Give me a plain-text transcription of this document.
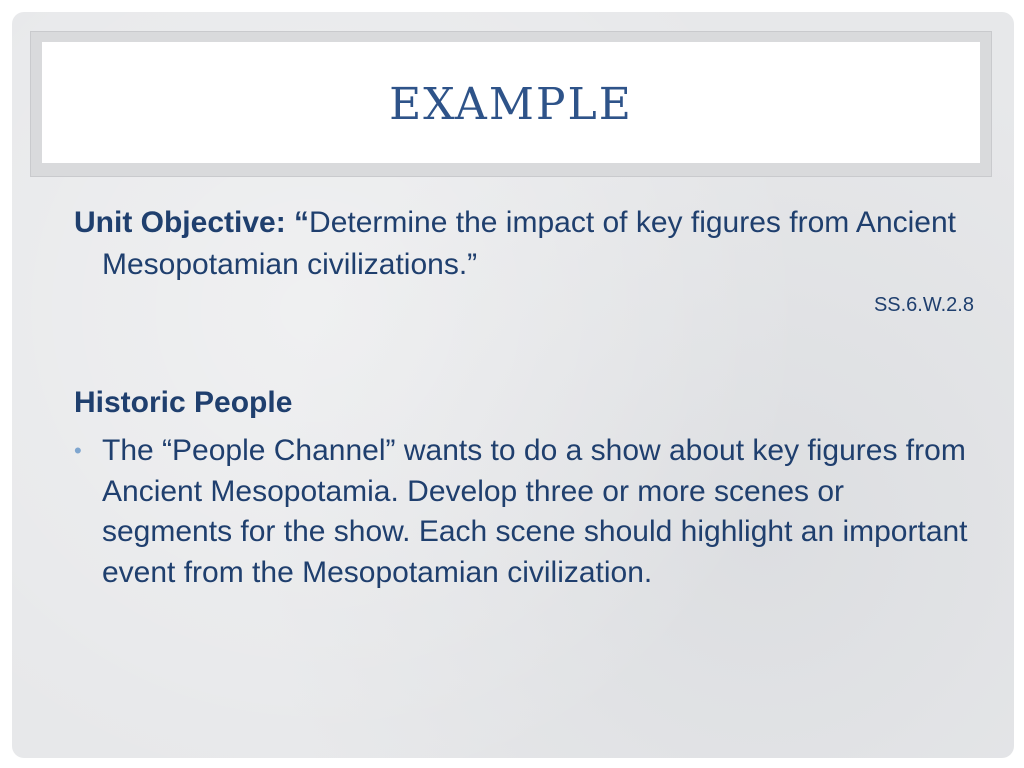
EXAMPLE
Unit Objective: “Determine the impact of key figures from Ancient Mesopotamian civilizations.”
SS.6.W.2.8
Historic People
• The “People Channel” wants to do a show about key figures from Ancient Mesopotamia. Develop three or more scenes or segments for the show. Each scene should highlight an important event from the Mesopotamian civilization.
